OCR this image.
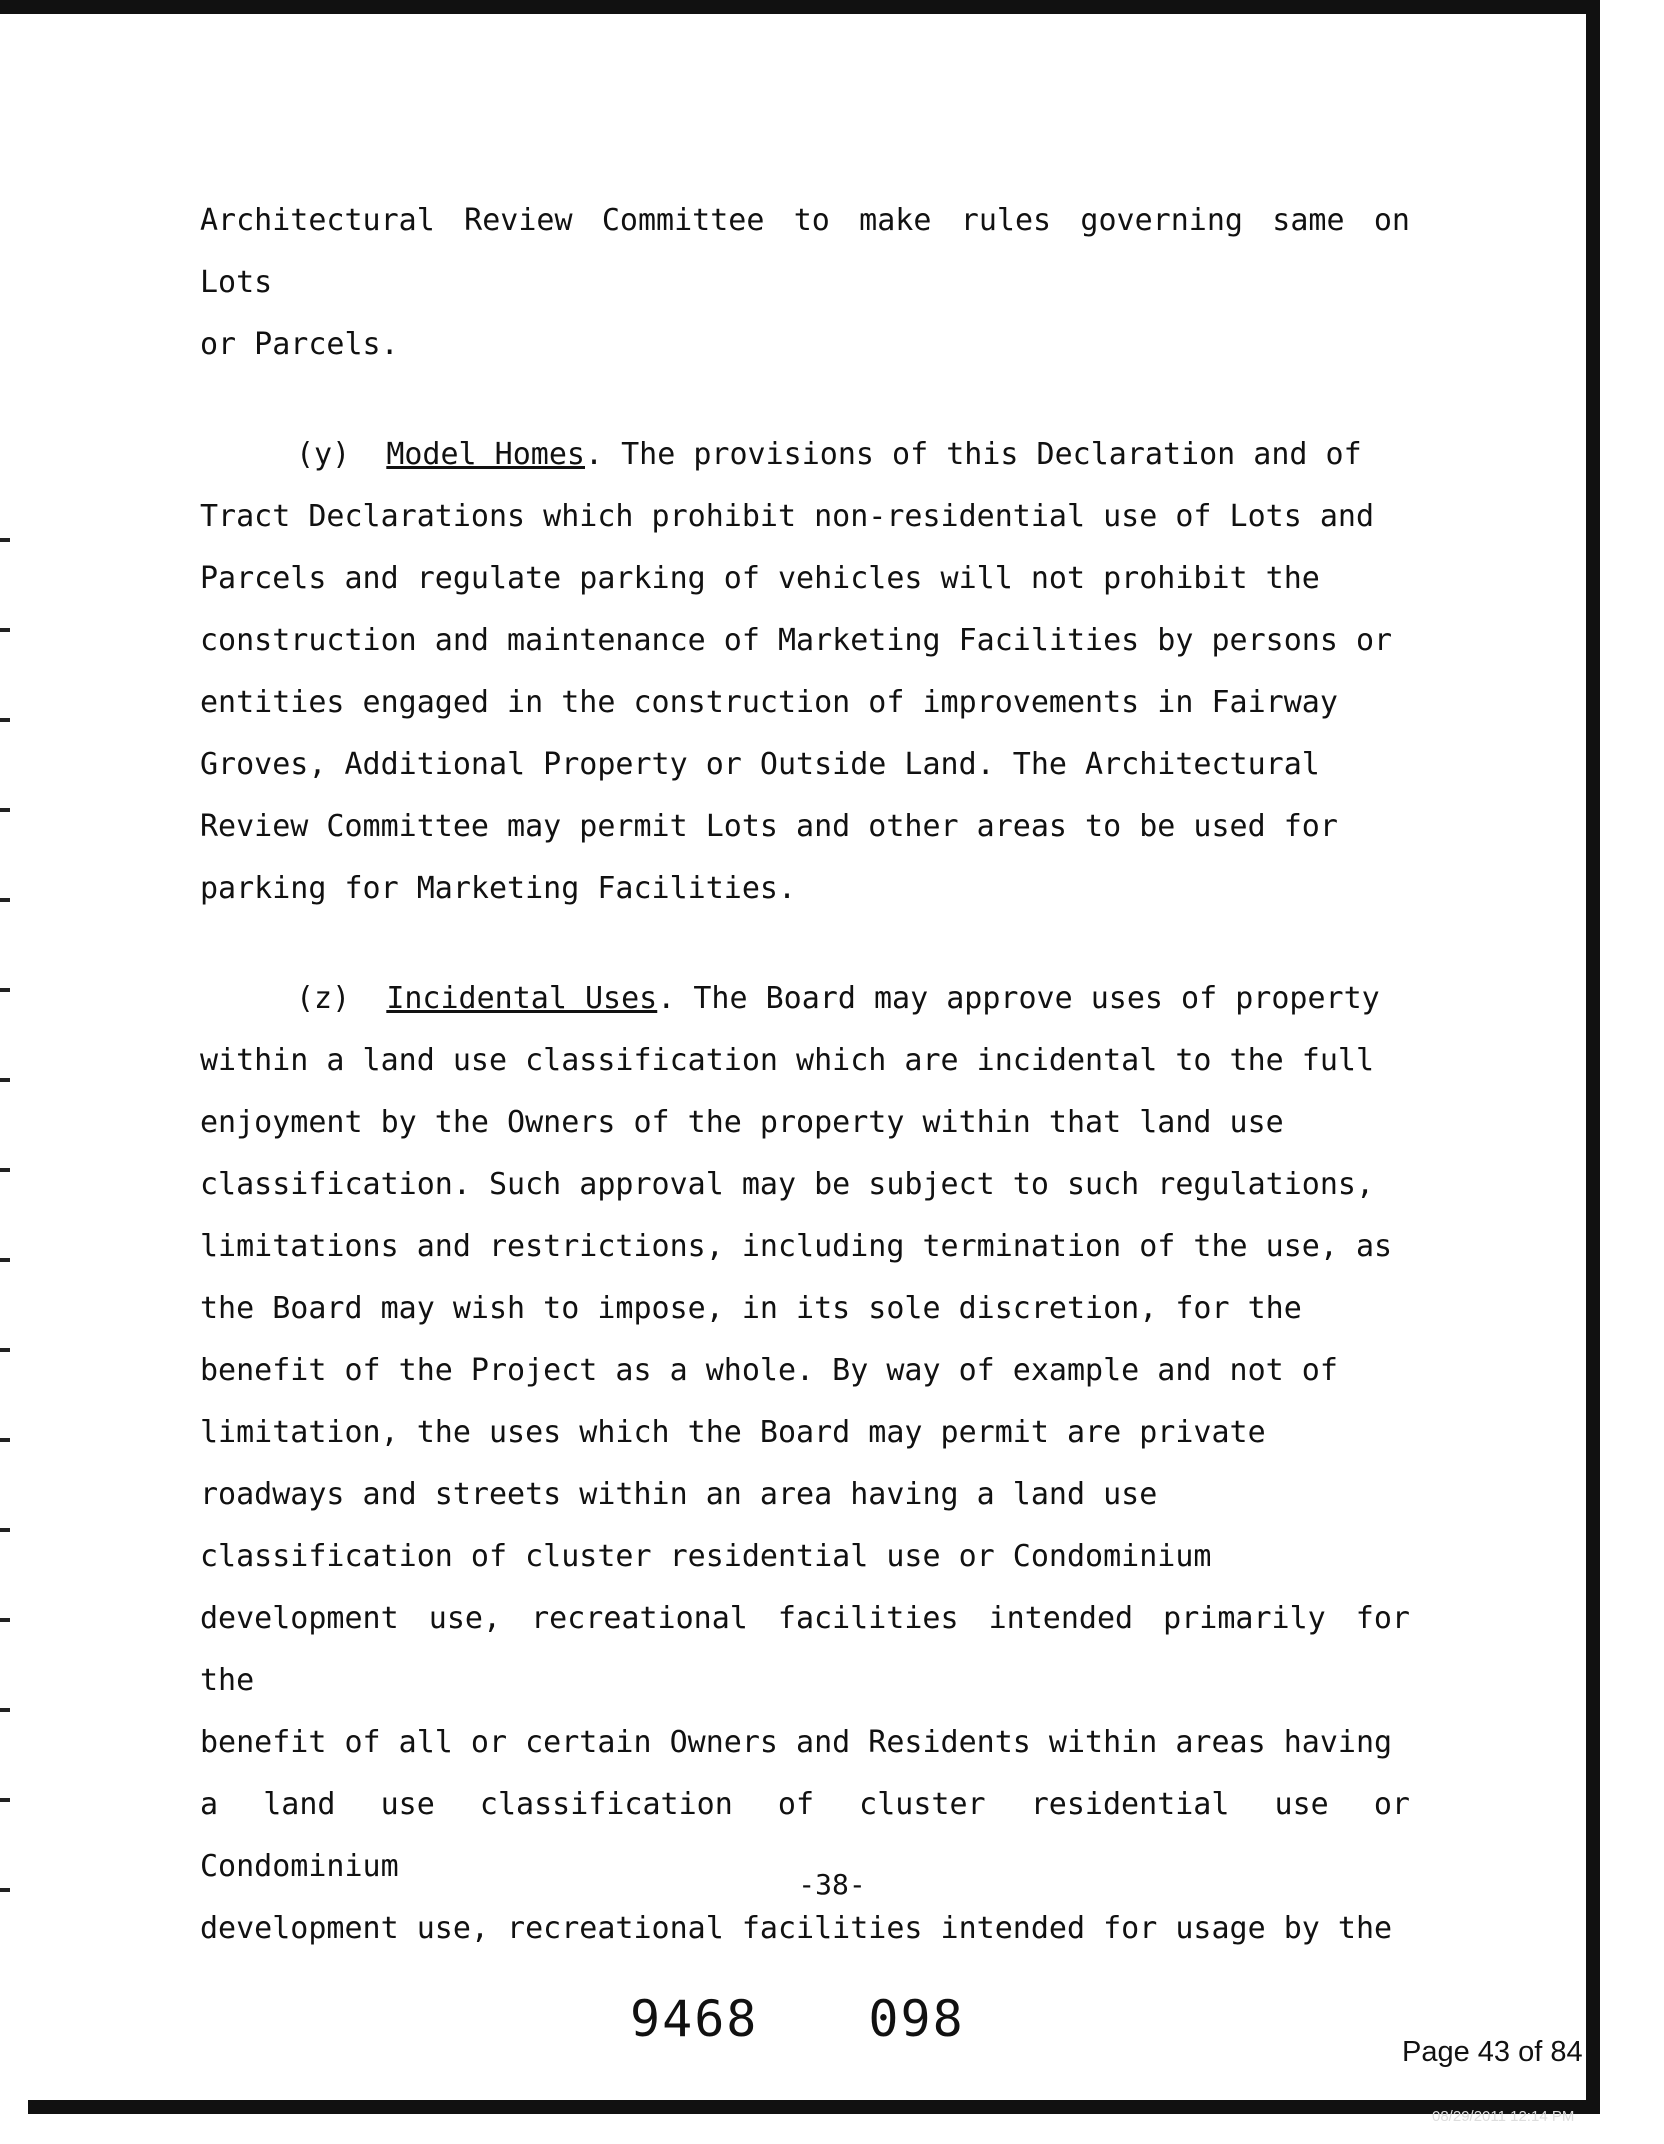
Architectural Review Committee to make rules governing same on Lots

or Parcels.

(y) Model Homes. The provisions of this Declaration and of

Tract Declarations which prohibit non-residential use of Lots and

Parcels and regulate parking of vehicles will not prohibit the

construction and maintenance of Marketing Facilities by persons or

entities engaged in the construction of improvements in Fairway

Groves, Additional Property or Outside Land. The Architectural

Review Committee may permit Lots and other areas to be used for

parking for Marketing Facilities.

(z) Incidental Uses. The Board may approve uses of property

within a land use classification which are incidental to the full

enjoyment by the Owners of the property within that land use

classification. Such approval may be subject to such regulations,

limitations and restrictions, including termination of the use, as

the Board may wish to impose, in its sole discretion, for the

benefit of the Project as a whole. By way of example and not of

limitation, the uses which the Board may permit are private

roadways and streets within an area having a land use

classification of cluster residential use or Condominium

development use, recreational facilities intended primarily for the

benefit of all or certain Owners and Residents within areas having

a land use classification of cluster residential use or Condominium

development use, recreational facilities intended for usage by the

-38-
9468 098
Page 43 of 84
08/29/2011 12:14 PM
